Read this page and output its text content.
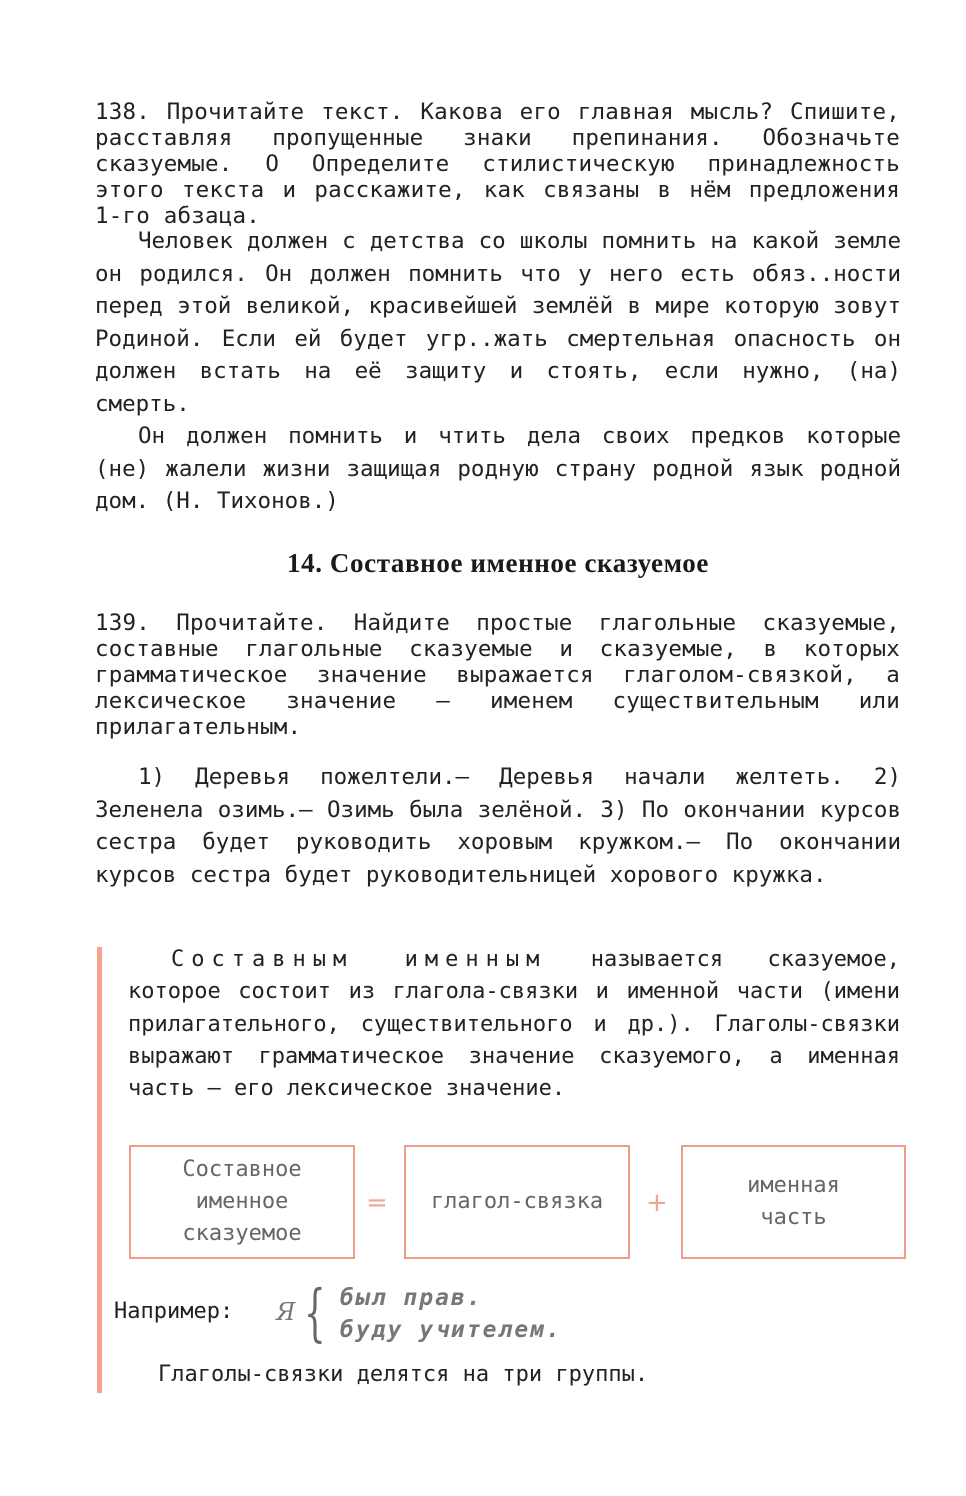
138. Прочитайте текст. Какова его главная мысль? Спишите, расставляя пропущенные знаки препинания. Обозначьте сказуемые. О Определите стилистическую принадлежность этого текста и расскажите, как связаны в нём предложения 1-го абзаца.

Человек должен с детства со школы помнить на какой земле он родился. Он должен помнить что у него есть обяз..ности перед этой великой, красивейшей землёй в мире которую зовут Родиной. Если ей будет угр..жать смертельная опасность он должен встать на её защиту и стоять, если нужно, (на) смерть.

Он должен помнить и чтить дела своих предков которые (не) жалели жизни защищая родную страну родной язык родной дом. (Н. Тихонов.)

14. Составное именное сказуемое
139. Прочитайте. Найдите простые глагольные сказуемые, составные глагольные сказуемые и сказуемые, в которых грамматическое значение выражается глаголом-связкой, а лексическое значение — именем существительным или прилагательным.
1) Деревья пожелтели.— Деревья начали желтеть. 2) Зеленела озимь.— Озимь была зелёной. 3) По окончании курсов сестра будет руководить хоровым кружком.— По окончании курсов сестра будет руководительницей хорового кружка.
Составным именным называется сказуемое, которое состоит из глагола-связки и именной части (имени прилагательного, существительного и др.). Глаголы-связки выражают грамматическое значение сказуемого, а именная часть — его лексическое значение.
Составное
именное
сказуемое
=	глагол-связка	+
именная
часть
Например: Я { был прав.
буду учителем.
Глаголы-связки делятся на три группы.
